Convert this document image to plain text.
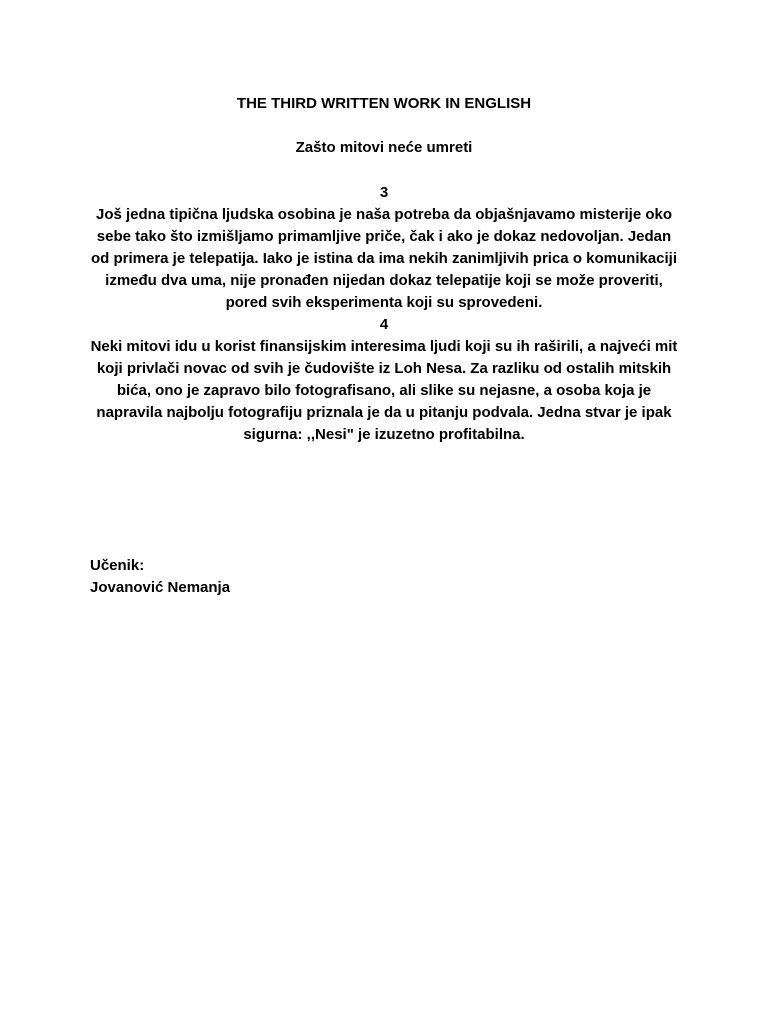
THE THIRD WRITTEN WORK IN ENGLISH
Zašto mitovi neće umreti
3
Još jedna tipična ljudska osobina je naša potreba da objašnjavamo misterije oko sebe tako što izmišljamo primamljive priče, čak i ako je dokaz nedovoljan. Jedan od primera je telepatija. Iako je istina da ima nekih zanimljivih prica o komunikaciji između dva uma, nije pronađen nijedan dokaz telepatije koji se može proveriti, pored svih eksperimenta koji su sprovedeni.
4
Neki mitovi idu u korist finansijskim interesima ljudi koji su ih raširili, a najveći mit koji privlači novac od svih je čudovište iz Loh Nesa. Za razliku od ostalih mitskih bića, ono je zapravo bilo fotografisano, ali slike su nejasne, a osoba koja je napravila najbolju fotografiju priznala je da u pitanju podvala. Jedna stvar je ipak sigurna: ,,Nesi" je izuzetno profitabilna.
Učenik:
Jovanović Nemanja
